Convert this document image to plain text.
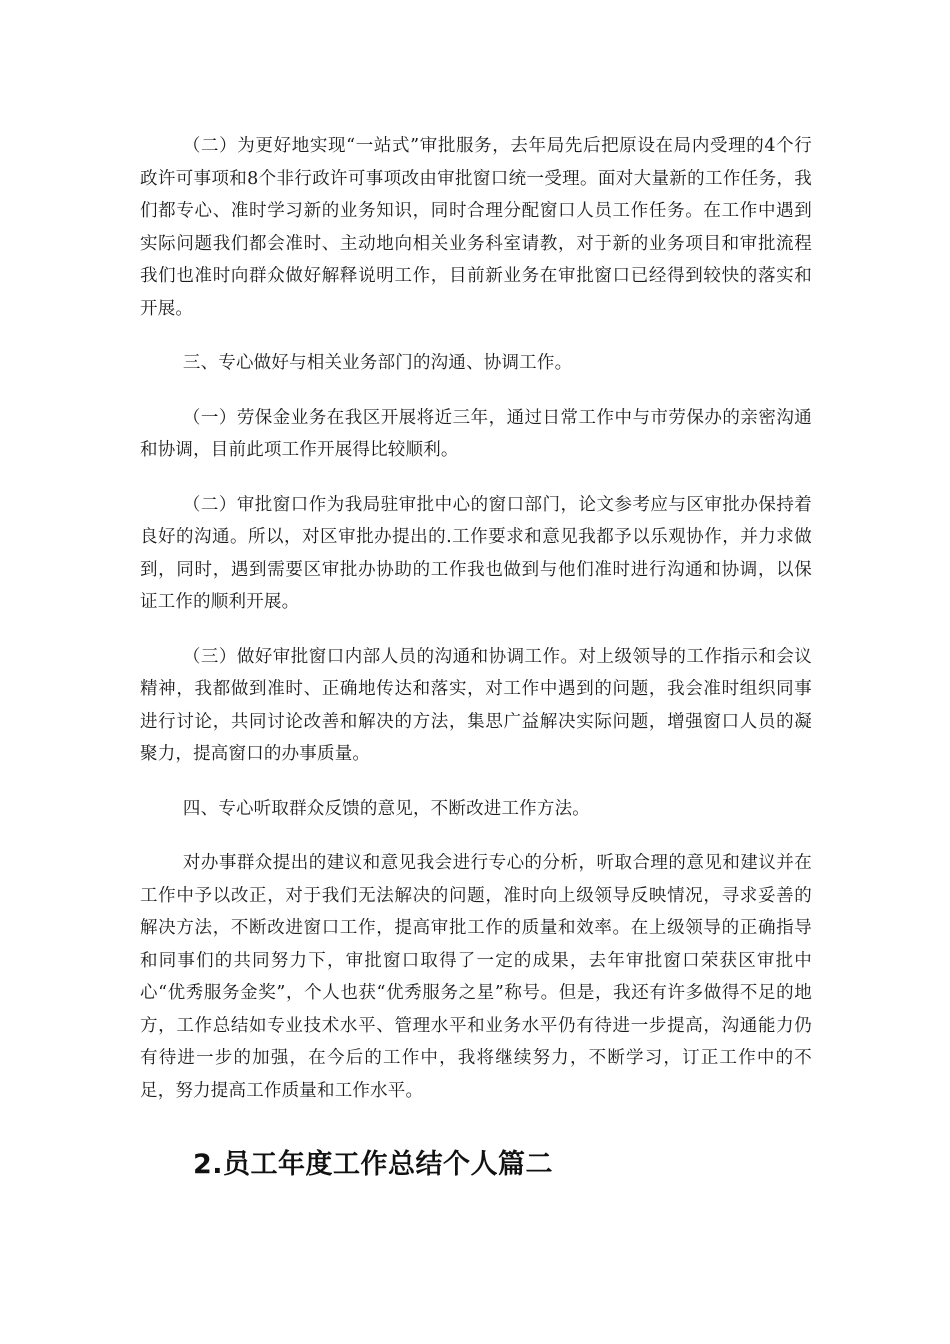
（二）为更好地实现“一站式”审批服务，去年局先后把原设在局内受理的4个行政许可事项和8个非行政许可事项改由审批窗口统一受理。面对大量新的工作任务，我们都专心、准时学习新的业务知识，同时合理分配窗口人员工作任务。在工作中遇到实际问题我们都会准时、主动地向相关业务科室请教，对于新的业务项目和审批流程我们也准时向群众做好解释说明工作，目前新业务在审批窗口已经得到较快的落实和开展。

三、专心做好与相关业务部门的沟通、协调工作。

（一）劳保金业务在我区开展将近三年，通过日常工作中与市劳保办的亲密沟通和协调，目前此项工作开展得比较顺利。

（二）审批窗口作为我局驻审批中心的窗口部门，论文参考应与区审批办保持着良好的沟通。所以，对区审批办提出的.工作要求和意见我都予以乐观协作，并力求做到，同时，遇到需要区审批办协助的工作我也做到与他们准时进行沟通和协调，以保证工作的顺利开展。

（三）做好审批窗口内部人员的沟通和协调工作。对上级领导的工作指示和会议精神，我都做到准时、正确地传达和落实，对工作中遇到的问题，我会准时组织同事进行讨论，共同讨论改善和解决的方法，集思广益解决实际问题，增强窗口人员的凝聚力，提高窗口的办事质量。

四、专心听取群众反馈的意见，不断改进工作方法。

对办事群众提出的建议和意见我会进行专心的分析，听取合理的意见和建议并在工作中予以改正，对于我们无法解决的问题，准时向上级领导反映情况，寻求妥善的解决方法，不断改进窗口工作，提高审批工作的质量和效率。在上级领导的正确指导和同事们的共同努力下，审批窗口取得了一定的成果，去年审批窗口荣获区审批中心“优秀服务金奖”，个人也获“优秀服务之星”称号。但是，我还有许多做得不足的地方，工作总结如专业技术水平、管理水平和业务水平仍有待进一步提高，沟通能力仍有待进一步的加强，在今后的工作中，我将继续努力，不断学习，订正工作中的不足，努力提高工作质量和工作水平。

2.员工年度工作总结个人篇二
